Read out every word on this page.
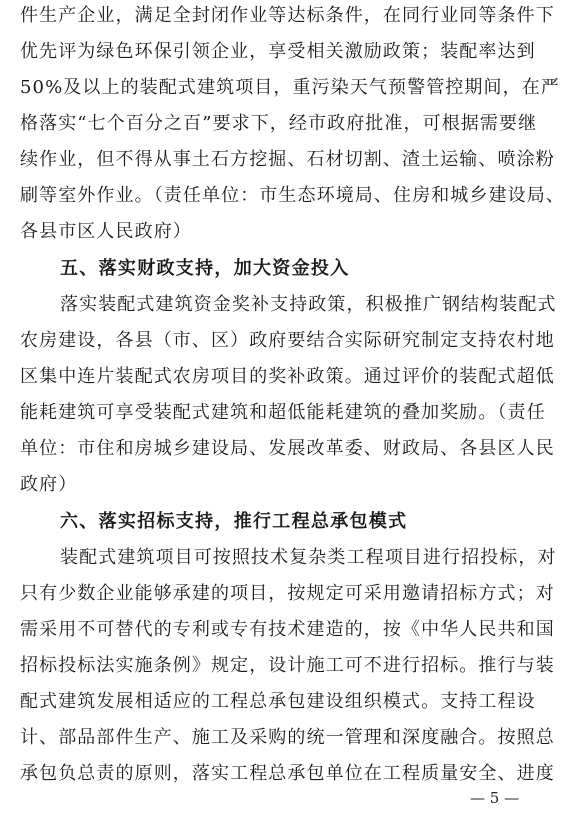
件生产企业，满足全封闭作业等达标条件，在同行业同等条件下
优先评为绿色环保引领企业，享受相关激励政策；装配率达到
50%及以上的装配式建筑项目，重污染天气预警管控期间，在严
格落实“七个百分之百”要求下，经市政府批准，可根据需要继
续作业，但不得从事土石方挖掘、石材切割、渣土运输、喷涂粉
刷等室外作业。（责任单位：市生态环境局、住房和城乡建设局、
各县市区人民政府）
五、落实财政支持，加大资金投入
落实装配式建筑资金奖补支持政策，积极推广钢结构装配式
农房建设，各县（市、区）政府要结合实际研究制定支持农村地
区集中连片装配式农房项目的奖补政策。通过评价的装配式超低
能耗建筑可享受装配式建筑和超低能耗建筑的叠加奖励。（责任
单位：市住和房城乡建设局、发展改革委、财政局、各县区人民
政府）
六、落实招标支持，推行工程总承包模式
装配式建筑项目可按照技术复杂类工程项目进行招投标，对
只有少数企业能够承建的项目，按规定可采用邀请招标方式；对
需采用不可替代的专利或专有技术建造的，按《中华人民共和国
招标投标法实施条例》规定，设计施工可不进行招标。推行与装
配式建筑发展相适应的工程总承包建设组织模式。支持工程设
计、部品部件生产、施工及采购的统一管理和深度融合。按照总
承包负总责的原则，落实工程总承包单位在工程质量安全、进度
— 5 —
